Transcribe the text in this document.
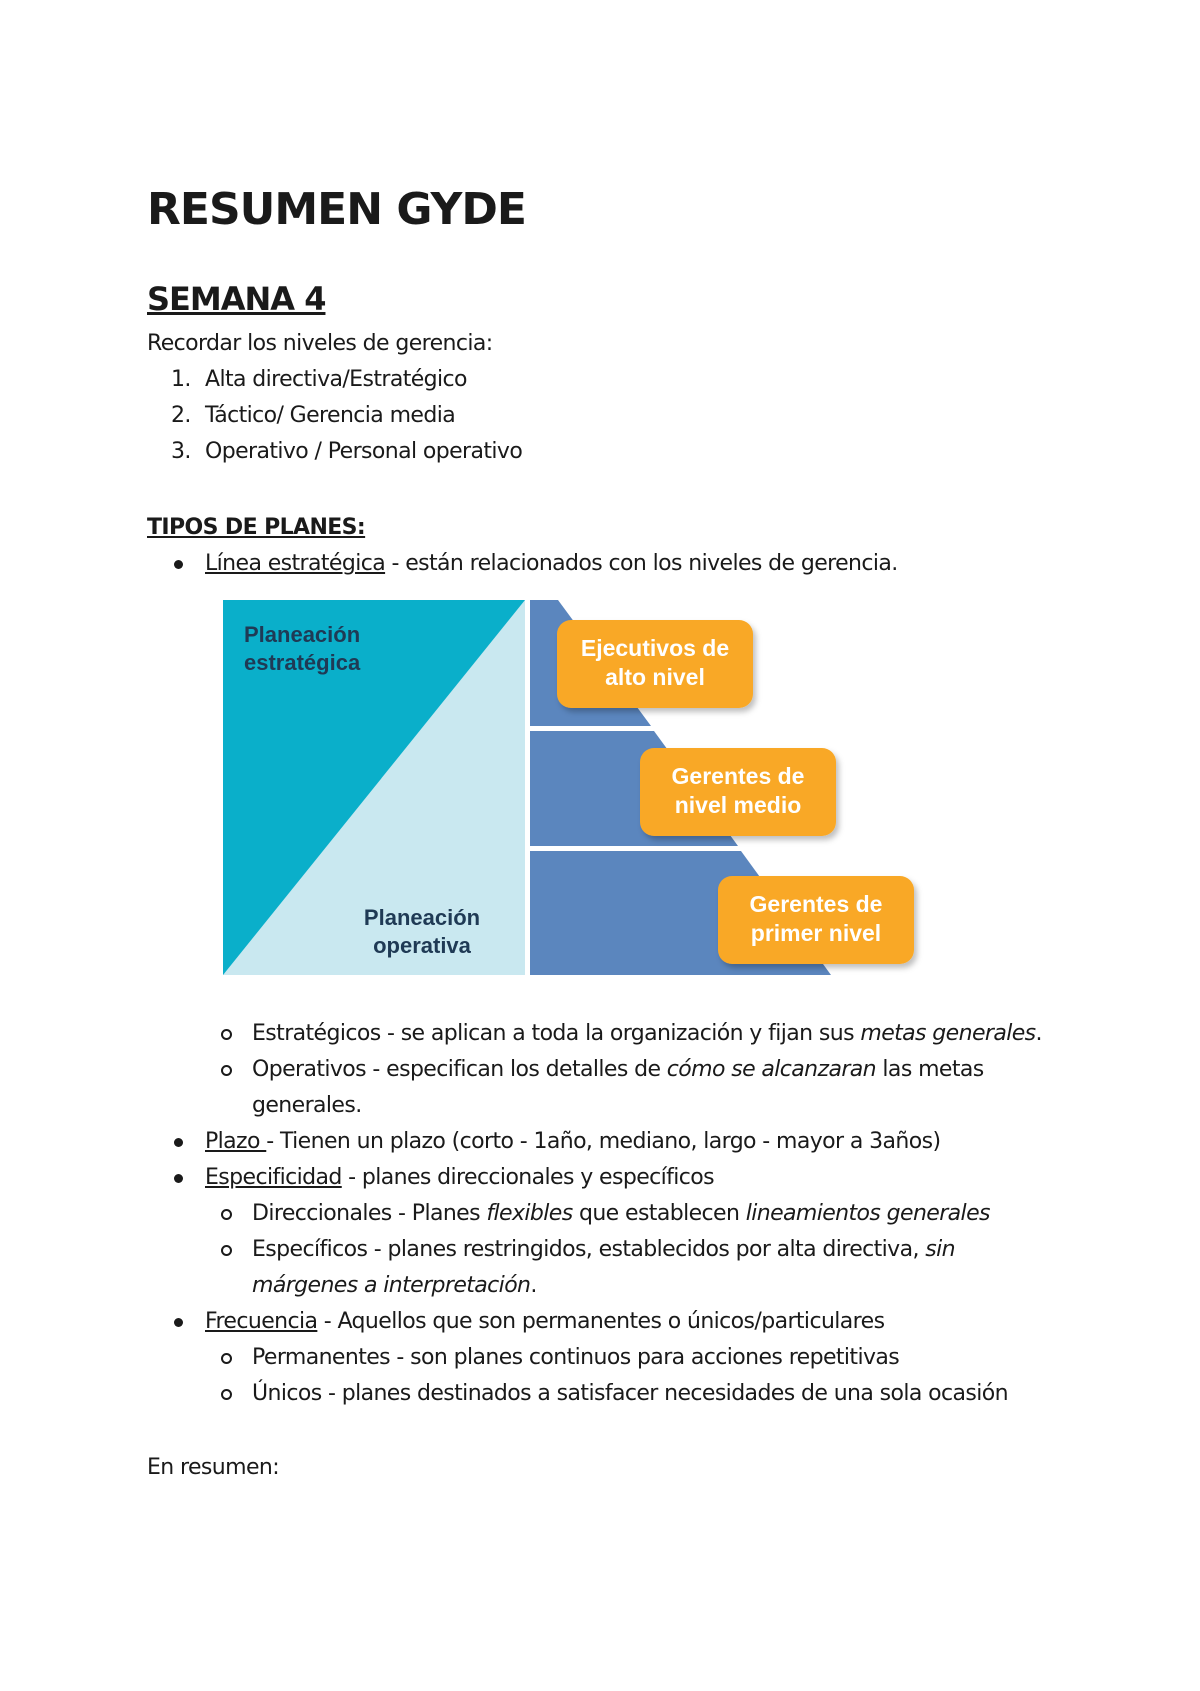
RESUMEN GYDE
SEMANA 4
Recordar los niveles de gerencia:
1. Alta directiva/Estratégico
2. Táctico/ Gerencia media
3. Operativo / Personal operativo
TIPOS DE PLANES:
Línea estratégica - están relacionados con los niveles de gerencia.
Estratégicos - se aplican a toda la organización y fijan sus metas generales.
Operativos - especifican los detalles de cómo se alcanzaran las metas
generales.
Plazo - Tienen un plazo (corto - 1año, mediano, largo - mayor a 3años)
Especificidad - planes direccionales y específicos
Direccionales - Planes flexibles que establecen lineamientos generales
Específicos - planes restringidos, establecidos por alta directiva, sin
márgenes a interpretación.
Frecuencia - Aquellos que son permanentes o únicos/particulares
Permanentes - son planes continuos para acciones repetitivas
Únicos - planes destinados a satisfacer necesidades de una sola ocasión
En resumen:
Planeación
estratégica
Planeación
operativa
Ejecutivos de
alto nivel
Gerentes de
nivel medio
Gerentes de
primer nivel
